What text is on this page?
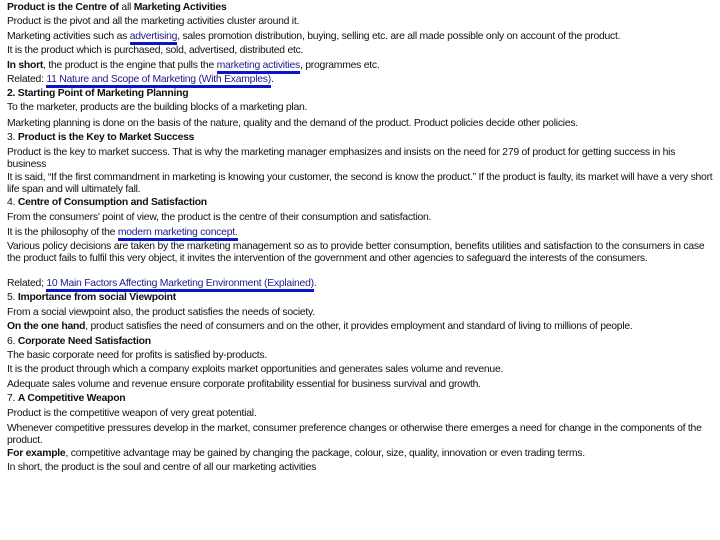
Product is the Centre of all Marketing Activities
Product is the pivot and all the marketing activities cluster around it.
Marketing activities such as advertising, sales promotion distribution, buying, selling etc. are all made possible only on account of the product.
It is the product which is purchased, sold, advertised, distributed etc.
In short, the product is the engine that pulls the marketing activities, programmes etc.
Related: 11 Nature and Scope of Marketing (With Examples).
2. Starting Point of Marketing Planning
To the marketer, products are the building blocks of a marketing plan.
Marketing planning is done on the basis of the nature, quality and the demand of the product. Product policies decide other policies.
3. Product is the Key to Market Success
Product is the key to market success. That is why the marketing manager emphasizes and insists on the need for 279 of product for getting success in his business
It is said, “If the first commandment in marketing is knowing your customer, the second is know the product.” If the product is faulty, its market will have a very short life span and will ultimately fall.
4. Centre of Consumption and Satisfaction
From the consumers’ point of view, the product is the centre of their consumption and satisfaction.
It is the philosophy of the modern marketing concept.
Various policy decisions are taken by the marketing management so as to provide better consumption, benefits utilities and satisfaction to the consumers in case the product fails to fulfil this very object, it invites the intervention of the government and other agencies to safeguard the interests of the consumers.
Related; 10 Main Factors Affecting Marketing Environment (Explained).
5. Importance from social Viewpoint
From a social viewpoint also, the product satisfies the needs of society.
On the one hand, product satisfies the need of consumers and on the other, it provides employment and standard of living to millions of people.
6. Corporate Need Satisfaction
The basic corporate need for profits is satisfied by-products.
It is the product through which a company exploits market opportunities and generates sales volume and revenue.
Adequate sales volume and revenue ensure corporate profitability essential for business survival and growth.
7. A Competitive Weapon
Product is the competitive weapon of very great potential.
Whenever competitive pressures develop in the market, consumer preference changes or otherwise there emerges a need for change in the components of the product.
For example, competitive advantage may be gained by changing the package, colour, size, quality, innovation or even trading terms.
In short, the product is the soul and centre of all our marketing activities
